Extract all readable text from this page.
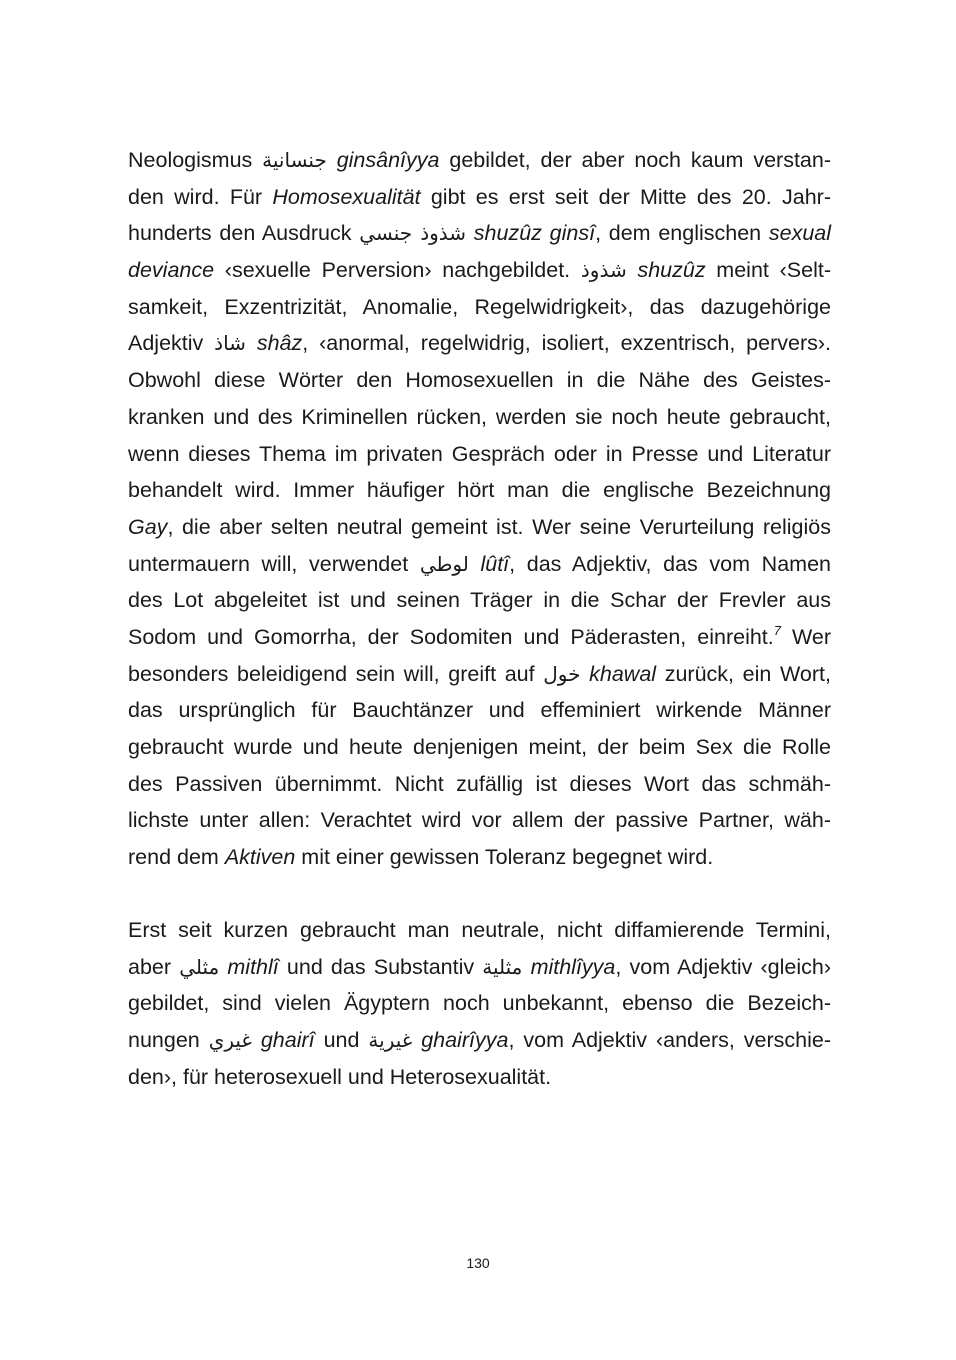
Neologismus جنسانية ginsânîyya gebildet, der aber noch kaum verstan-
den wird. Für Homosexualität gibt es erst seit der Mitte des 20. Jahr-
hunderts den Ausdruck شذوذ جنسي shuzûz ginsî, dem englischen sexual
deviance ‹sexuelle Perversion› nachgebildet. شذوذ shuzûz meint ‹Selt-
samkeit, Exzentrizität, Anomalie, Regelwidrigkeit›, das dazugehörige
Adjektiv شاذ shâz, ‹anormal, regelwidrig, isoliert, exzentrisch, pervers›.
Obwohl diese Wörter den Homosexuellen in die Nähe des Geistes-
kranken und des Kriminellen rücken, werden sie noch heute gebraucht,
wenn dieses Thema im privaten Gespräch oder in Presse und Literatur
behandelt wird. Immer häufiger hört man die englische Bezeichnung
Gay, die aber selten neutral gemeint ist. Wer seine Verurteilung religiös
untermauern will, verwendet لوطي lûtî, das Adjektiv, das vom Namen
des Lot abgeleitet ist und seinen Träger in die Schar der Frevler aus
Sodom und Gomorrha, der Sodomiten und Päderasten, einreiht.$^7$ Wer
besonders beleidigend sein will, greift auf خول khawal zurück, ein Wort,
das ursprünglich für Bauchtänzer und effeminiert wirkende Männer
gebraucht wurde und heute denjenigen meint, der beim Sex die Rolle
des Passiven übernimmt. Nicht zufällig ist dieses Wort das schmäh-
lichste unter allen: Verachtet wird vor allem der passive Partner, wäh-
rend dem Aktiven mit einer gewissen Toleranz begegnet wird.
Erst seit kurzen gebraucht man neutrale, nicht diffamierende Termini,
aber مثلي mithlî und das Substantiv مثلية mithlîyya, vom Adjektiv ‹gleich›
gebildet, sind vielen Ägyptern noch unbekannt, ebenso die Bezeich-
nungen غيري ghairî und غيرية ghairîyya, vom Adjektiv ‹anders, verschie-
den›, für heterosexuell und Heterosexualität.
130
